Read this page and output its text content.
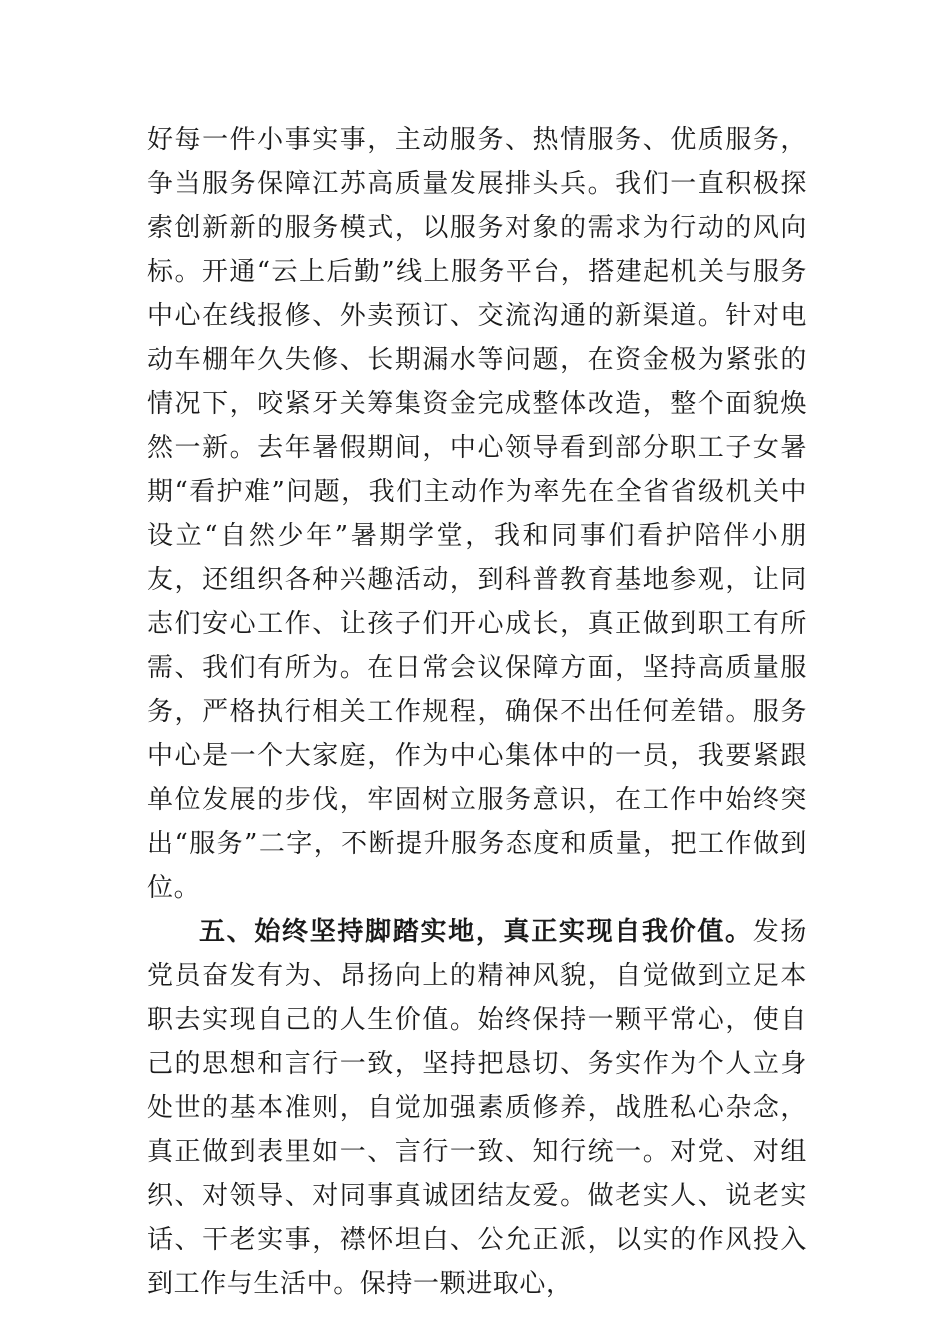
好每一件小事实事，主动服务、热情服务、优质服务，争当服务保障江苏高质量发展排头兵。我们一直积极探索创新新的服务模式，以服务对象的需求为行动的风向标。开通“云上后勤”线上服务平台，搭建起机关与服务中心在线报修、外卖预订、交流沟通的新渠道。针对电动车棚年久失修、长期漏水等问题，在资金极为紧张的情况下，咬紧牙关筹集资金完成整体改造，整个面貌焕然一新。去年暑假期间，中心领导看到部分职工子女暑期“看护难”问题，我们主动作为率先在全省省级机关中设立“自然少年”暑期学堂，我和同事们看护陪伴小朋友，还组织各种兴趣活动，到科普教育基地参观，让同志们安心工作、让孩子们开心成长，真正做到职工有所需、我们有所为。在日常会议保障方面，坚持高质量服务，严格执行相关工作规程，确保不出任何差错。服务中心是一个大家庭，作为中心集体中的一员，我要紧跟单位发展的步伐，牢固树立服务意识，在工作中始终突出“服务”二字，不断提升服务态度和质量，把工作做到位。

五、始终坚持脚踏实地，真正实现自我价值。发扬党员奋发有为、昂扬向上的精神风貌，自觉做到立足本职去实现自己的人生价值。始终保持一颗平常心，使自己的思想和言行一致，坚持把恳切、务实作为个人立身处世的基本准则，自觉加强素质修养，战胜私心杂念，真正做到表里如一、言行一致、知行统一。对党、对组织、对领导、对同事真诚团结友爱。做老实人、说老实话、干老实事，襟怀坦白、公允正派，以实的作风投入到工作与生活中。保持一颗进取心，
